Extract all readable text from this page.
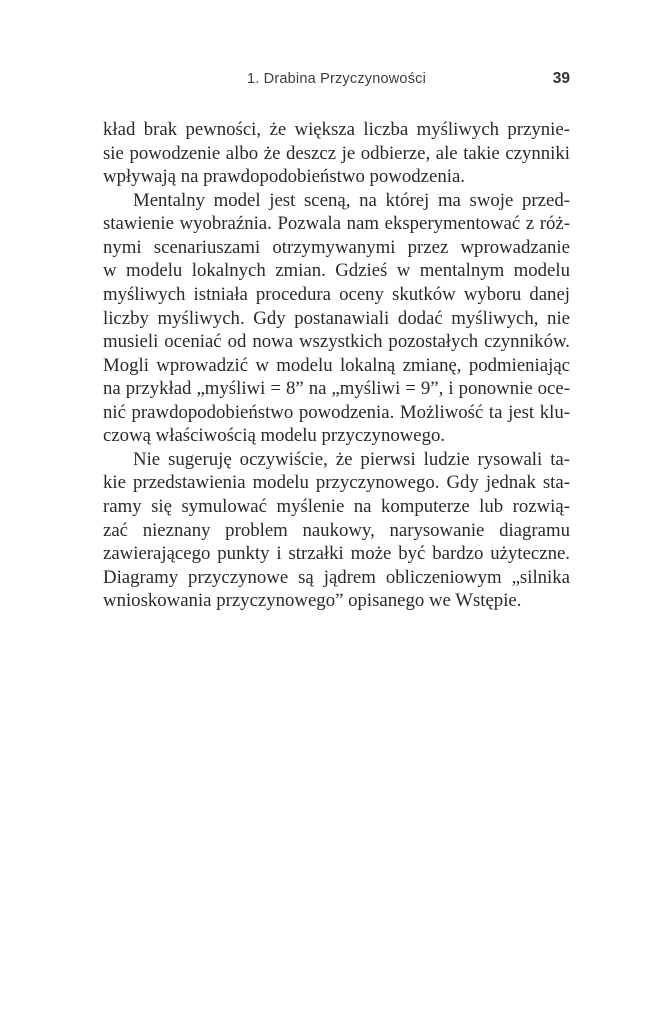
1. Drabina Przyczynowości	39
kład brak pewności, że większa liczba myśliwych przynie-
sie powodzenie albo że deszcz je odbierze, ale takie czynniki
wpływają na prawdopodobieństwo powodzenia.
Mentalny model jest sceną, na której ma swoje przed-
stawienie wyobraźnia. Pozwala nam eksperymentować z róż-
nymi scenariuszami otrzymywanymi przez wprowadzanie
w modelu lokalnych zmian. Gdzieś w mentalnym modelu
myśliwych istniała procedura oceny skutków wyboru danej
liczby myśliwych. Gdy postanawiali dodać myśliwych, nie
musieli oceniać od nowa wszystkich pozostałych czynników.
Mogli wprowadzić w modelu lokalną zmianę, podmieniając
na przykład „myśliwi = 8” na „myśliwi = 9”, i ponownie oce-
nić prawdopodobieństwo powodzenia. Możliwość ta jest klu-
czową właściwością modelu przyczynowego.
Nie sugeruję oczywiście, że pierwsi ludzie rysowali ta-
kie przedstawienia modelu przyczynowego. Gdy jednak sta-
ramy się symulować myślenie na komputerze lub rozwią-
zać nieznany problem naukowy, narysowanie diagramu
zawierającego punkty i strzałki może być bardzo użyteczne.
Diagramy przyczynowe są jądrem obliczeniowym „silnika
wnioskowania przyczynowego” opisanego we Wstępie.
